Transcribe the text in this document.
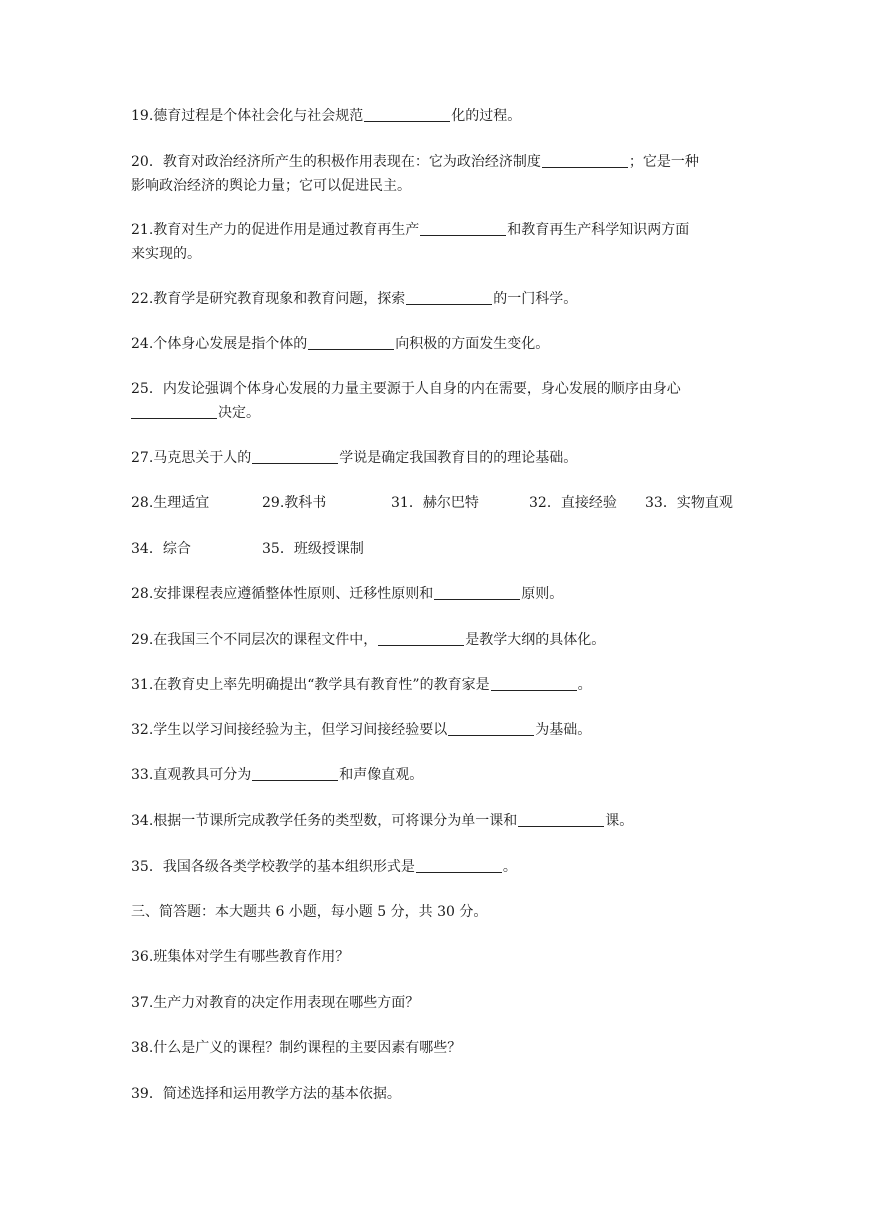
19.德育过程是个体社会化与社会规范	化的过程。
20．教育对政治经济所产生的积极作用表现在：它为政治经济制度	；它是一种
影响政治经济的舆论力量；它可以促进民主。
21.教育对生产力的促进作用是通过教育再生产	和教育再生产科学知识两方面
来实现的。
22.教育学是研究教育现象和教育问题，探索	的一门科学。
24.个体身心发展是指个体的	向积极的方面发生变化。
25．内发论强调个体身心发展的力量主要源于人自身的内在需要，身心发展的顺序由身心
决定。
27.马克思关于人的	学说是确定我国教育目的的理论基础。
28.生理适宜	29.教科书	31．赫尔巴特	32．直接经验 33．实物直观
34．综合	35．班级授课制
28.安排课程表应遵循整体性原则、迁移性原则和	原则。
29.在我国三个不同层次的课程文件中，	是教学大纲的具体化。
31.在教育史上率先明确提出“教学具有教育性”的教育家是	。
32.学生以学习间接经验为主，但学习间接经验要以	为基础。
33.直观教具可分为	和声像直观。
34.根据一节课所完成教学任务的类型数，可将课分为单一课和	课。
35．我国各级各类学校教学的基本组织形式是	。
三、简答题：本大题共 6 小题，每小题 5 分，共 30 分。
36.班集体对学生有哪些教育作用？
37.生产力对教育的决定作用表现在哪些方面？
38.什么是广义的课程？制约课程的主要因素有哪些？
39．简述选择和运用教学方法的基本依据。
